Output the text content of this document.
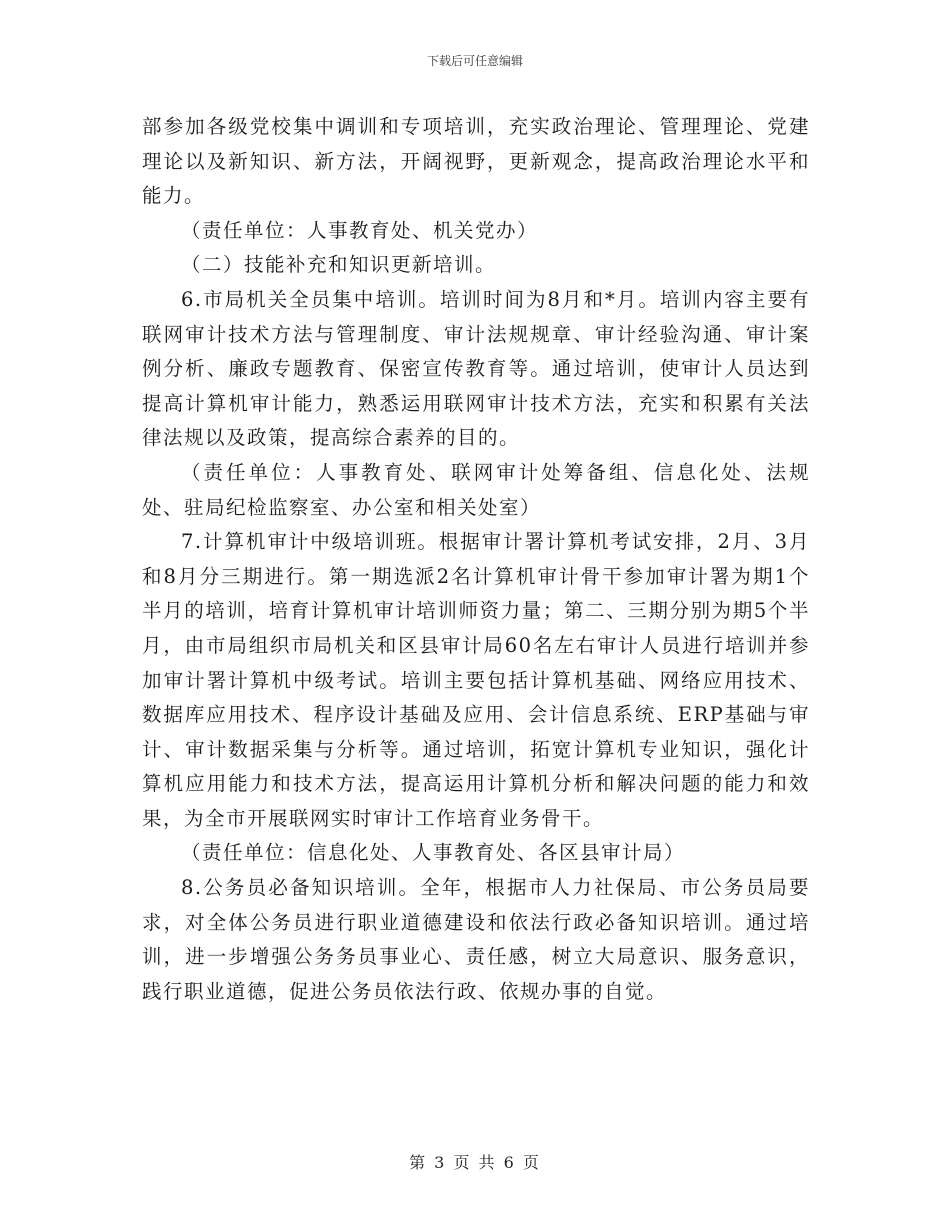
下载后可任意编辑

部参加各级党校集中调训和专项培训，充实政治理论、管理理论、党建理论以及新知识、新方法，开阔视野，更新观念，提高政治理论水平和能力。

（责任单位：人事教育处、机关党办）

（二）技能补充和知识更新培训。

6.市局机关全员集中培训。培训时间为8月和*月。培训内容主要有联网审计技术方法与管理制度、审计法规规章、审计经验沟通、审计案例分析、廉政专题教育、保密宣传教育等。通过培训，使审计人员达到提高计算机审计能力，熟悉运用联网审计技术方法，充实和积累有关法律法规以及政策，提高综合素养的目的。

（责任单位：人事教育处、联网审计处筹备组、信息化处、法规处、驻局纪检监察室、办公室和相关处室）

7.计算机审计中级培训班。根据审计署计算机考试安排，2月、3月和8月分三期进行。第一期选派2名计算机审计骨干参加审计署为期1个半月的培训，培育计算机审计培训师资力量；第二、三期分别为期5个半月，由市局组织市局机关和区县审计局60名左右审计人员进行培训并参加审计署计算机中级考试。培训主要包括计算机基础、网络应用技术、数据库应用技术、程序设计基础及应用、会计信息系统、ERP基础与审计、审计数据采集与分析等。通过培训，拓宽计算机专业知识，强化计算机应用能力和技术方法，提高运用计算机分析和解决问题的能力和效果，为全市开展联网实时审计工作培育业务骨干。

（责任单位：信息化处、人事教育处、各区县审计局）

8.公务员必备知识培训。全年，根据市人力社保局、市公务员局要求，对全体公务员进行职业道德建设和依法行政必备知识培训。通过培训，进一步增强公务务员事业心、责任感，树立大局意识、服务意识，践行职业道德，促进公务员依法行政、依规办事的自觉。

第 3 页 共 6 页
